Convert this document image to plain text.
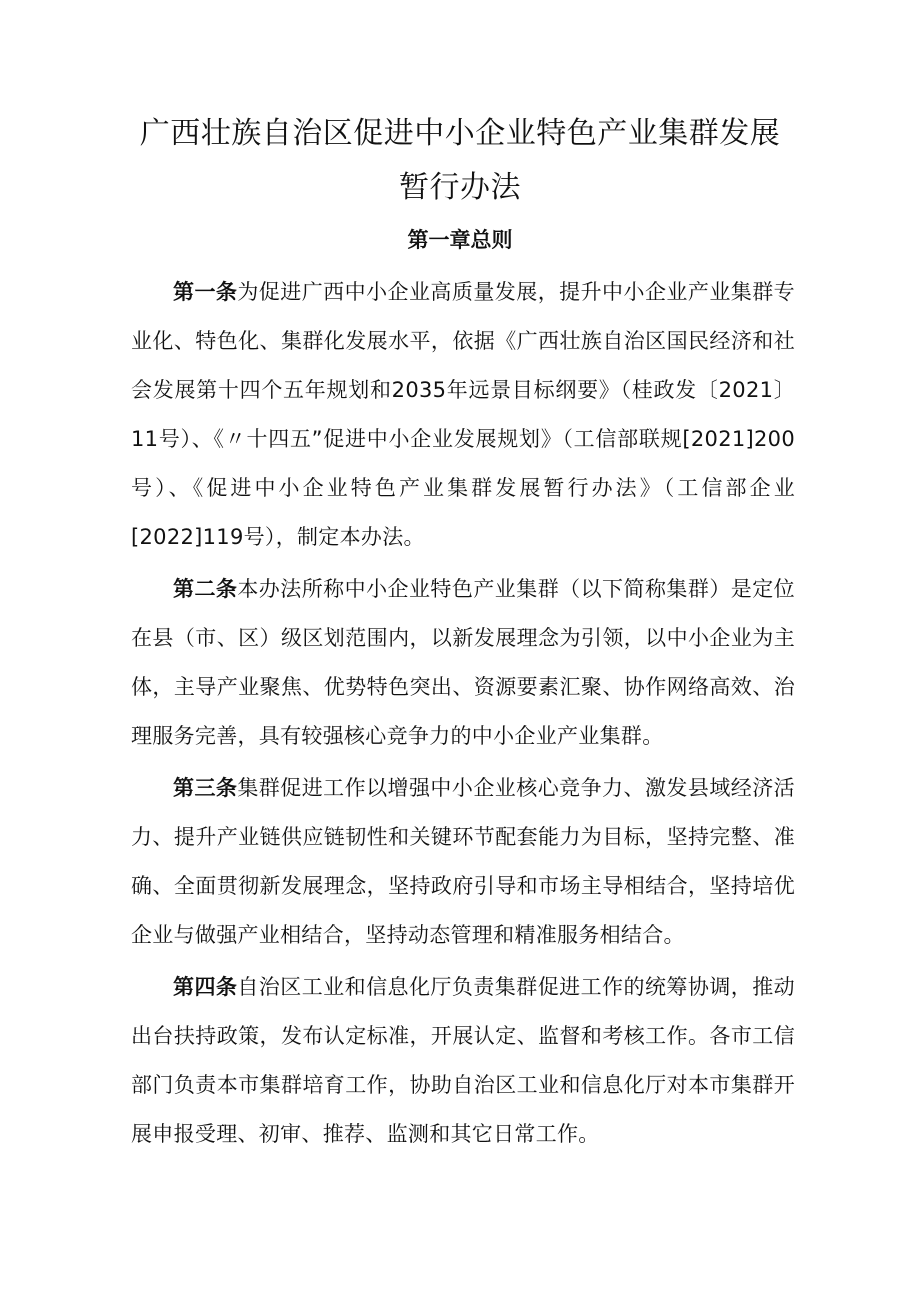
广西壮族自治区促进中小企业特色产业集群发展暂行办法
第一章总则

第一条为促进广西中小企业高质量发展，提升中小企业产业集群专业化、特色化、集群化发展水平，依据《广西壮族自治区国民经济和社会发展第十四个五年规划和2035年远景目标纲要》（桂政发〔2021〕11号）、《〃十四五”促进中小企业发展规划》（工信部联规[2021]200号）、《促进中小企业特色产业集群发展暂行办法》（工信部企业[2022]119号），制定本办法。

第二条本办法所称中小企业特色产业集群（以下简称集群）是定位在县（市、区）级区划范围内，以新发展理念为引领，以中小企业为主体，主导产业聚焦、优势特色突出、资源要素汇聚、协作网络高效、治理服务完善，具有较强核心竞争力的中小企业产业集群。

第三条集群促进工作以增强中小企业核心竞争力、激发县域经济活力、提升产业链供应链韧性和关键环节配套能力为目标，坚持完整、准确、全面贯彻新发展理念，坚持政府引导和市场主导相结合，坚持培优企业与做强产业相结合，坚持动态管理和精准服务相结合。

第四条自治区工业和信息化厅负责集群促进工作的统筹协调，推动出台扶持政策，发布认定标准，开展认定、监督和考核工作。各市工信部门负责本市集群培育工作，协助自治区工业和信息化厅对本市集群开展申报受理、初审、推荐、监测和其它日常工作。
